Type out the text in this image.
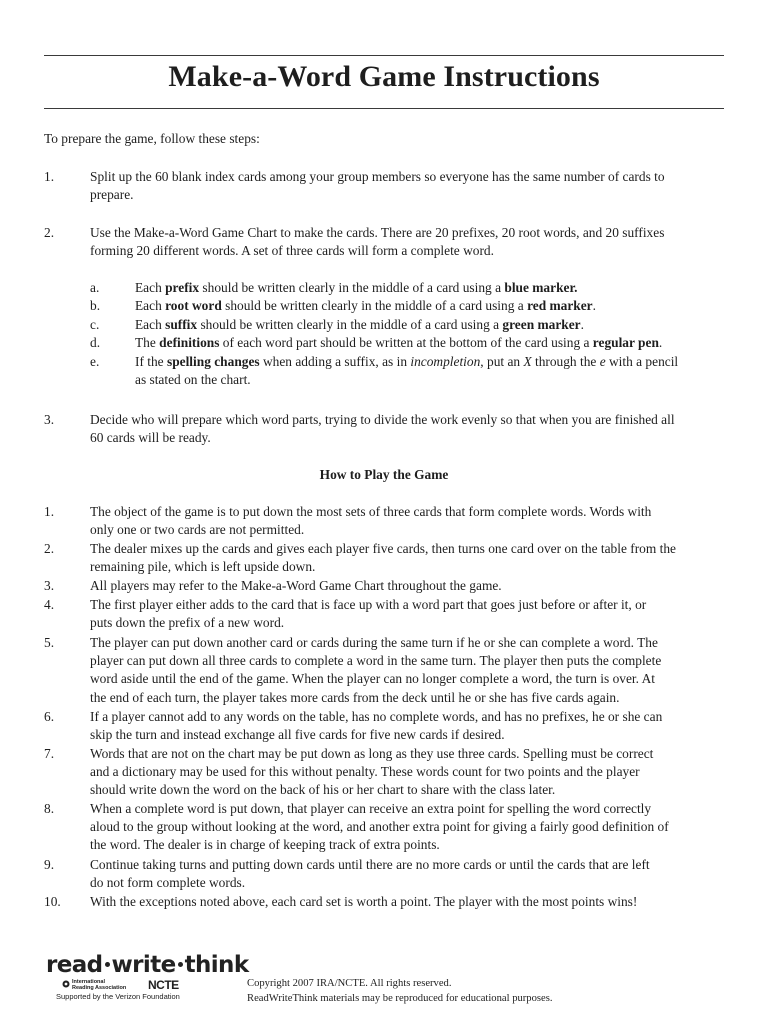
Make-a-Word Game Instructions
To prepare the game, follow these steps:
1.	Split up the 60 blank index cards among your group members so everyone has the same number of cards to
prepare.
2.	Use the Make-a-Word Game Chart to make the cards. There are 20 prefixes, 20 root words, and 20 suffixes
forming 20 different words. A set of three cards will form a complete word.
a.	Each prefix should be written clearly in the middle of a card using a blue marker.
b.	Each root word should be written clearly in the middle of a card using a red marker.
c.	Each suffix should be written clearly in the middle of a card using a green marker.
d.	The definitions of each word part should be written at the bottom of the card using a regular pen.
e.	If the spelling changes when adding a suffix, as in incompletion, put an X through the e with a pencil
as stated on the chart.
3.	Decide who will prepare which word parts, trying to divide the work evenly so that when you are finished all
60 cards will be ready.
How to Play the Game
1.	The object of the game is to put down the most sets of three cards that form complete words. Words with
only one or two cards are not permitted.
2.	The dealer mixes up the cards and gives each player five cards, then turns one card over on the table from the
remaining pile, which is left upside down.
3.	All players may refer to the Make-a-Word Game Chart throughout the game.
4.	The first player either adds to the card that is face up with a word part that goes just before or after it, or
puts down the prefix of a new word.
5.	The player can put down another card or cards during the same turn if he or she can complete a word. The
player can put down all three cards to complete a word in the same turn. The player then puts the complete
word aside until the end of the game. When the player can no longer complete a word, the turn is over. At
the end of each turn, the player takes more cards from the deck until he or she has five cards again.
6.	If a player cannot add to any words on the table, has no complete words, and has no prefixes, he or she can
skip the turn and instead exchange all five cards for five new cards if desired.
7.	Words that are not on the chart may be put down as long as they use three cards. Spelling must be correct
and a dictionary may be used for this without penalty. These words count for two points and the player
should write down the word on the back of his or her chart to share with the class later.
8.	When a complete word is put down, that player can receive an extra point for spelling the word correctly
aloud to the group without looking at the word, and another extra point for giving a fairly good definition of
the word. The dealer is in charge of keeping track of extra points.
9.	Continue taking turns and putting down cards until there are no more cards or until the cards that are left
do not form complete words.
10. With the exceptions noted above, each card set is worth a point. The player with the most points wins!
read write think
International
Reading Association NCTE
Supported by the Verizon Foundation
Copyright 2007 IRA/NCTE. All rights reserved.
ReadWriteThink materials may be reproduced for educational purposes.
